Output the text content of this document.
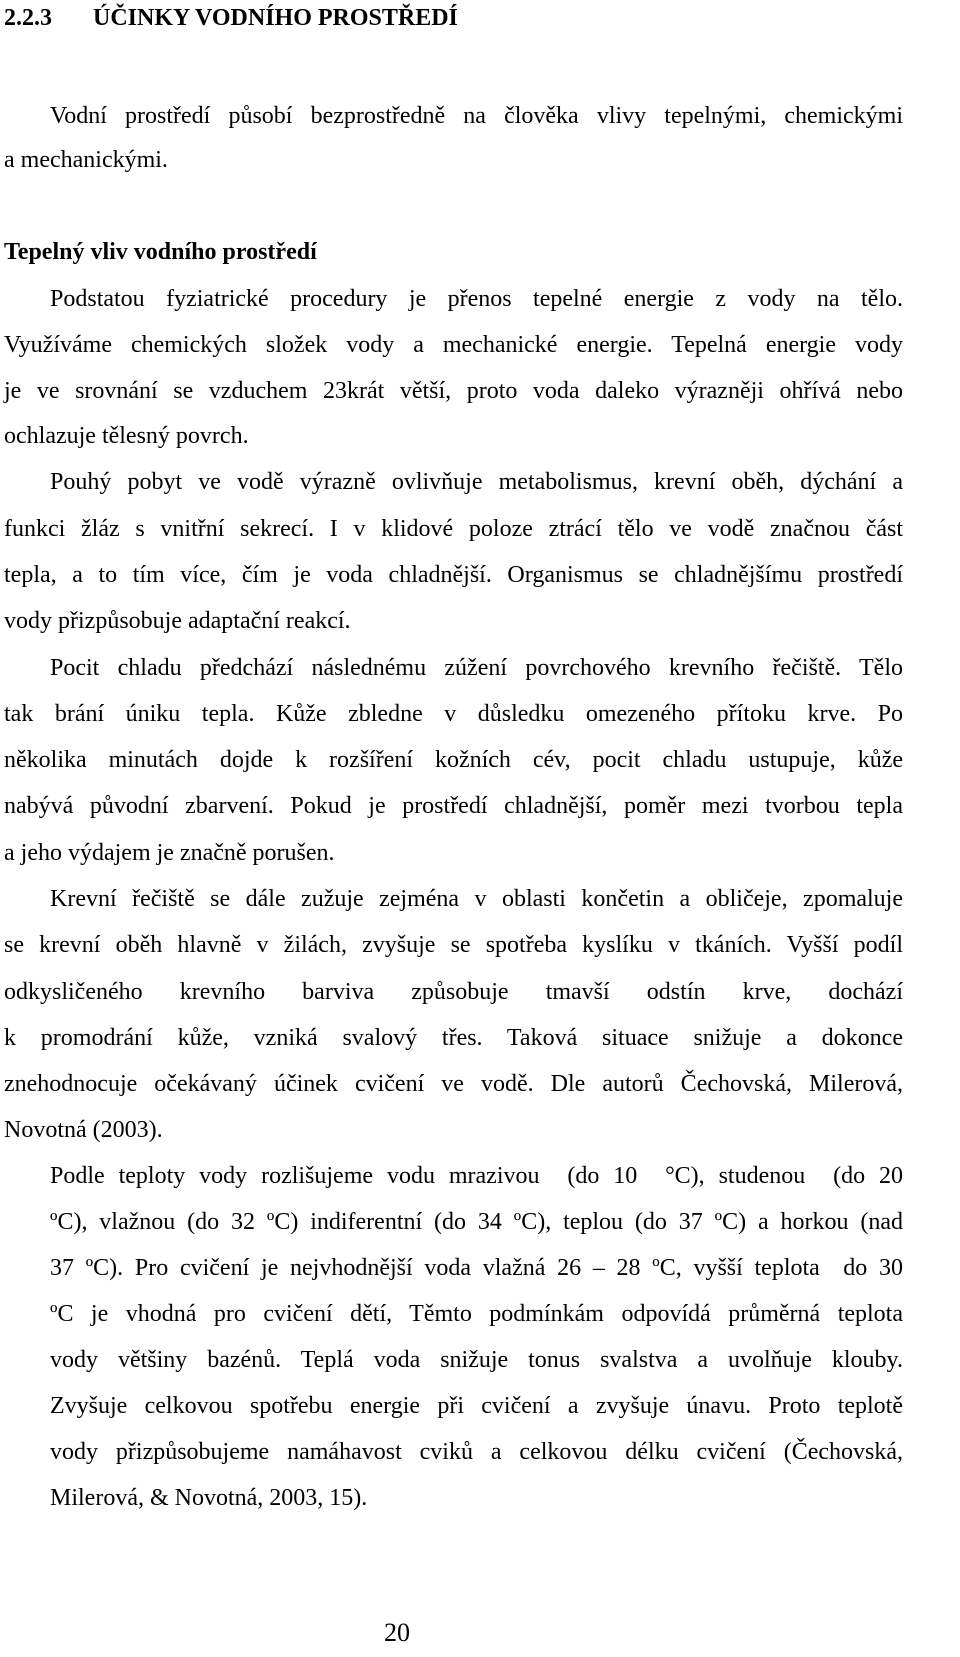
2.2.3 ÚČINKY VODNÍHO PROSTŘEDÍ
Vodní prostředí působí bezprostředně na člověka vlivy tepelnými, chemickými
a mechanickými.
Tepelný vliv vodního prostředí
Podstatou fyziatrické procedury je přenos tepelné energie z vody na tělo.
Využíváme chemických složek vody a mechanické energie. Tepelná energie vody
je ve srovnání se vzduchem 23krát větší, proto voda daleko výrazněji ohřívá nebo
ochlazuje tělesný povrch.
Pouhý pobyt ve vodě výrazně ovlivňuje metabolismus, krevní oběh, dýchání a
funkci žláz s vnitřní sekrecí. I v klidové poloze ztrácí tělo ve vodě značnou část
tepla, a to tím více, čím je voda chladnější. Organismus se chladnějšímu prostředí
vody přizpůsobuje adaptační reakcí.
Pocit chladu předchází následnému zúžení povrchového krevního řečiště. Tělo
tak brání úniku tepla. Kůže zbledne v důsledku omezeného přítoku krve. Po
několika minutách dojde k rozšíření kožních cév, pocit chladu ustupuje, kůže
nabývá původní zbarvení. Pokud je prostředí chladnější, poměr mezi tvorbou tepla
a jeho výdajem je značně porušen.
Krevní řečiště se dále zužuje zejména v oblasti končetin a obličeje, zpomaluje
se krevní oběh hlavně v žilách, zvyšuje se spotřeba kyslíku v tkáních. Vyšší podíl
odkysličeného krevního barviva způsobuje tmavší odstín krve, dochází
k promodrání kůže, vzniká svalový třes. Taková situace snižuje a dokonce
znehodnocuje očekávaný účinek cvičení ve vodě. Dle autorů Čechovská, Milerová,
Novotná (2003).
Podle teploty vody rozlišujeme vodu mrazivou  (do 10  °C), studenou  (do 20
ºC), vlažnou (do 32 ºC) indiferentní (do 34 ºC), teplou (do 37 ºC) a horkou (nad
37 ºC). Pro cvičení je nejvhodnější voda vlažná 26 – 28 ºC, vyšší teplota  do 30
ºC je vhodná pro cvičení dětí, Těmto podmínkám odpovídá průměrná teplota
vody většiny bazénů. Teplá voda snižuje tonus svalstva a uvolňuje klouby.
Zvyšuje celkovou spotřebu energie při cvičení a zvyšuje únavu. Proto teplotě
vody přizpůsobujeme namáhavost cviků a celkovou délku cvičení (Čechovská,
Milerová, & Novotná, 2003, 15).
20
